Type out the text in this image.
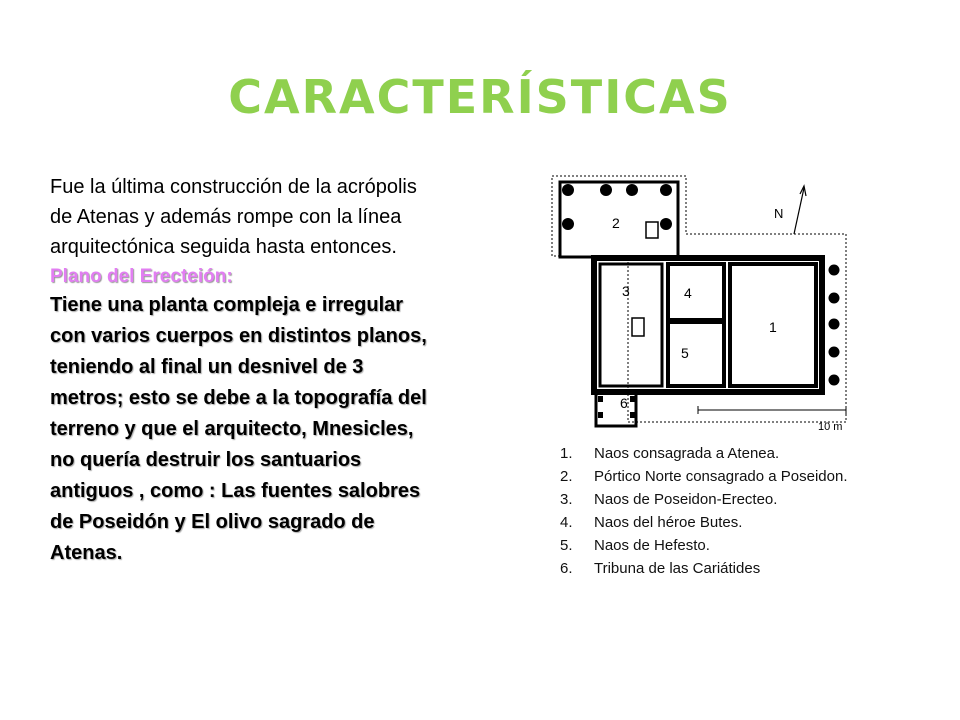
CARACTERÍSTICAS

Fue la última construcción de la acrópolis de Atenas y además rompe con la línea arquitectónica seguida hasta entonces.

Plano del Erecteión:

Tiene una planta compleja e irregular con varios cuerpos en distintos planos, teniendo al final un desnivel de 3 metros; esto se debe a la topografía del terreno y que el arquitecto, Mnesicles, no quería destruir los santuarios antiguos , como : Las fuentes salobres de Poseidón y El olivo sagrado de Atenas.

2
3	4
1
5
6
N
10 m
1.	Naos consagrada a Atenea.
2.	Pórtico Norte consagrado a Poseidon.
3.	Naos de Poseidon-Erecteo.
4.	Naos del héroe Butes.
5.	Naos de Hefesto.
6.	Tribuna de las Cariátides
